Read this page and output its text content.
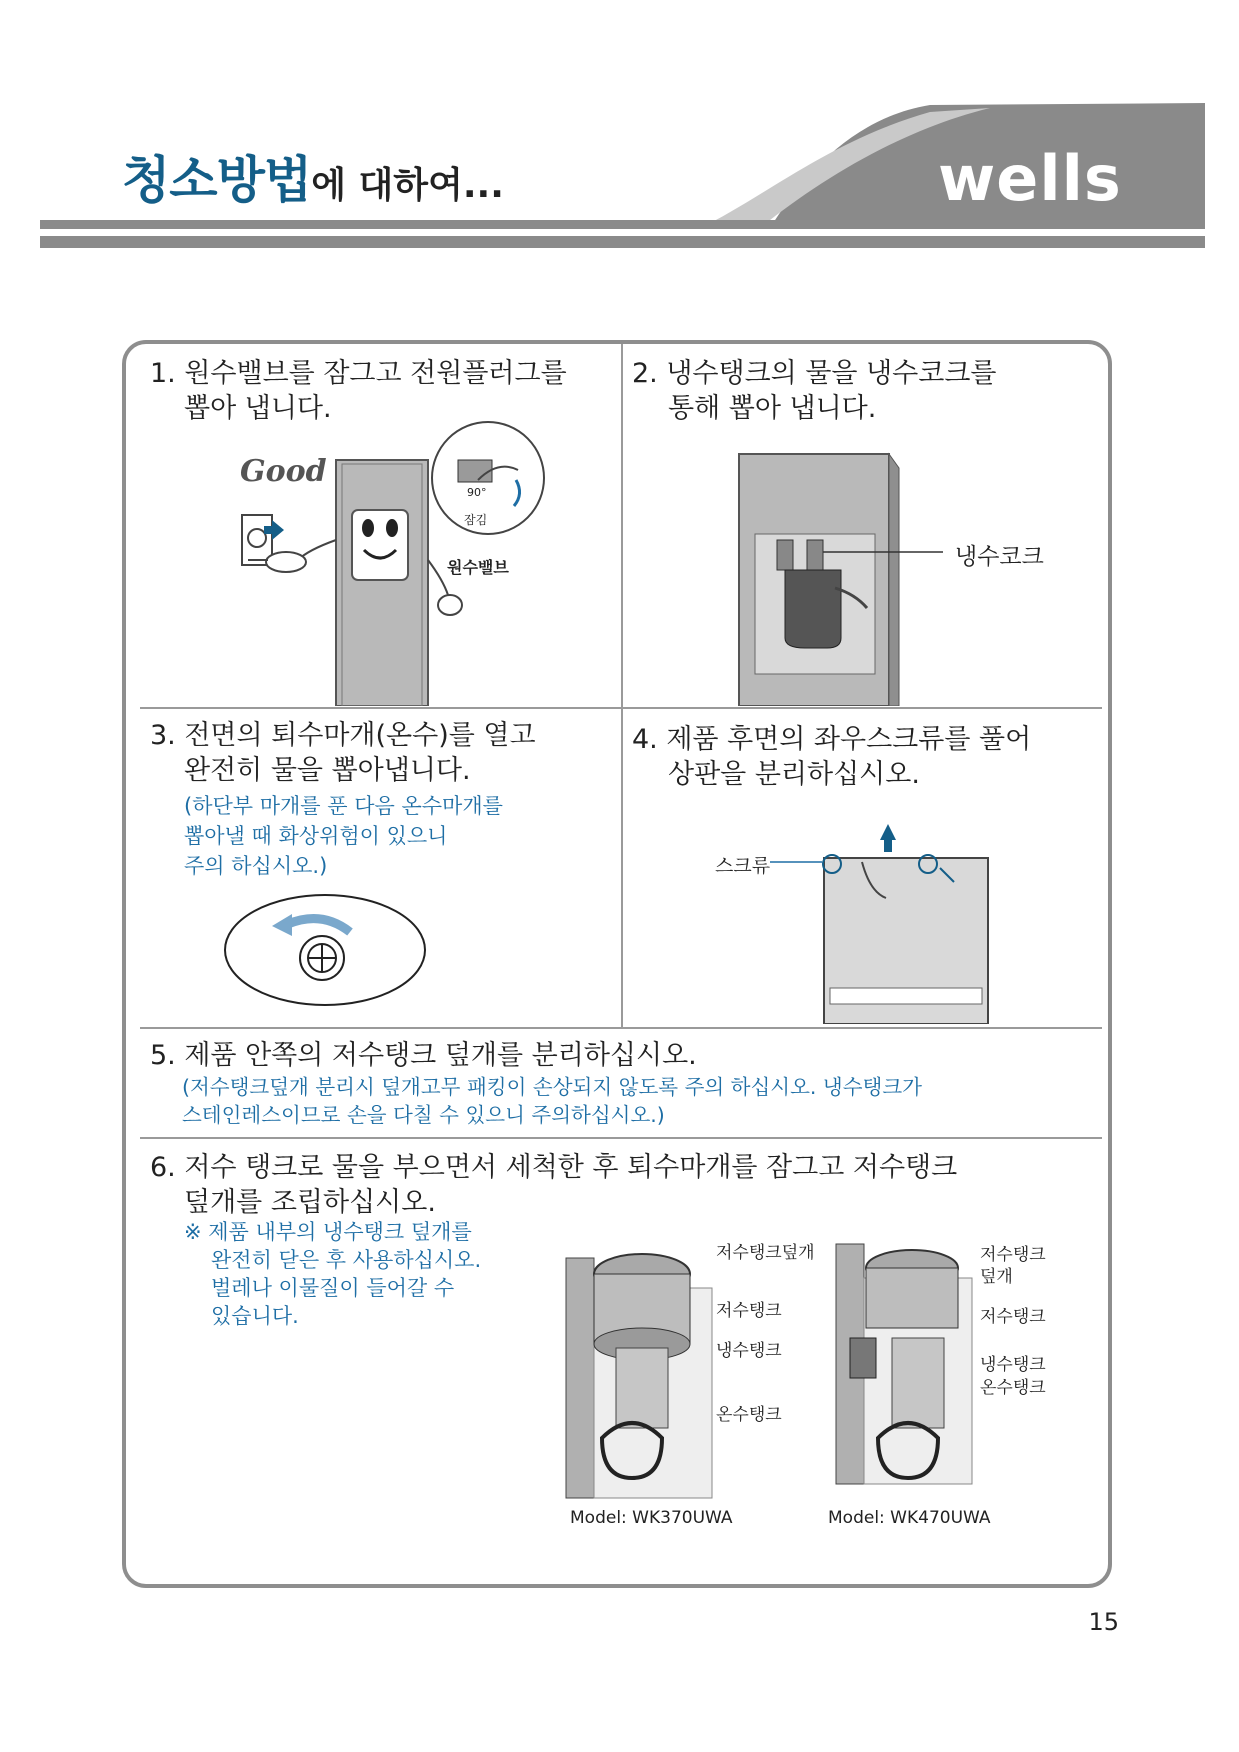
청소방법에 대하여...	wells
1. 원수밸브를 잠그고 전원플러그를
뽑아 냅니다.
Good
90°
잠김
원수밸브
2. 냉수탱크의 물을 냉수코크를
통해 뽑아 냅니다.
냉수코크
3. 전면의 퇴수마개(온수)를 열고
완전히 물을 뽑아냅니다.
(하단부 마개를 푼 다음 온수마개를
뽑아낼 때 화상위험이 있으니
주의 하십시오.)
4. 제품 후면의 좌우스크류를 풀어
상판을 분리하십시오.
스크류
5. 제품 안쪽의 저수탱크 덮개를 분리하십시오.
(저수탱크덮개 분리시 덮개고무 패킹이 손상되지 않도록 주의 하십시오. 냉수탱크가
스테인레스이므로 손을 다칠 수 있으니 주의하십시오.)
6. 저수 탱크로 물을 부으면서 세척한 후 퇴수마개를 잠그고 저수탱크
덮개를 조립하십시오.
※ 제품 내부의 냉수탱크 덮개를
완전히 닫은 후 사용하십시오.
벌레나 이물질이 들어갈 수
있습니다.
저수탱크덮개
저수탱크
냉수탱크
온수탱크
Model: WK370UWA
저수탱크
덮개
저수탱크
냉수탱크
온수탱크
Model: WK470UWA
15
